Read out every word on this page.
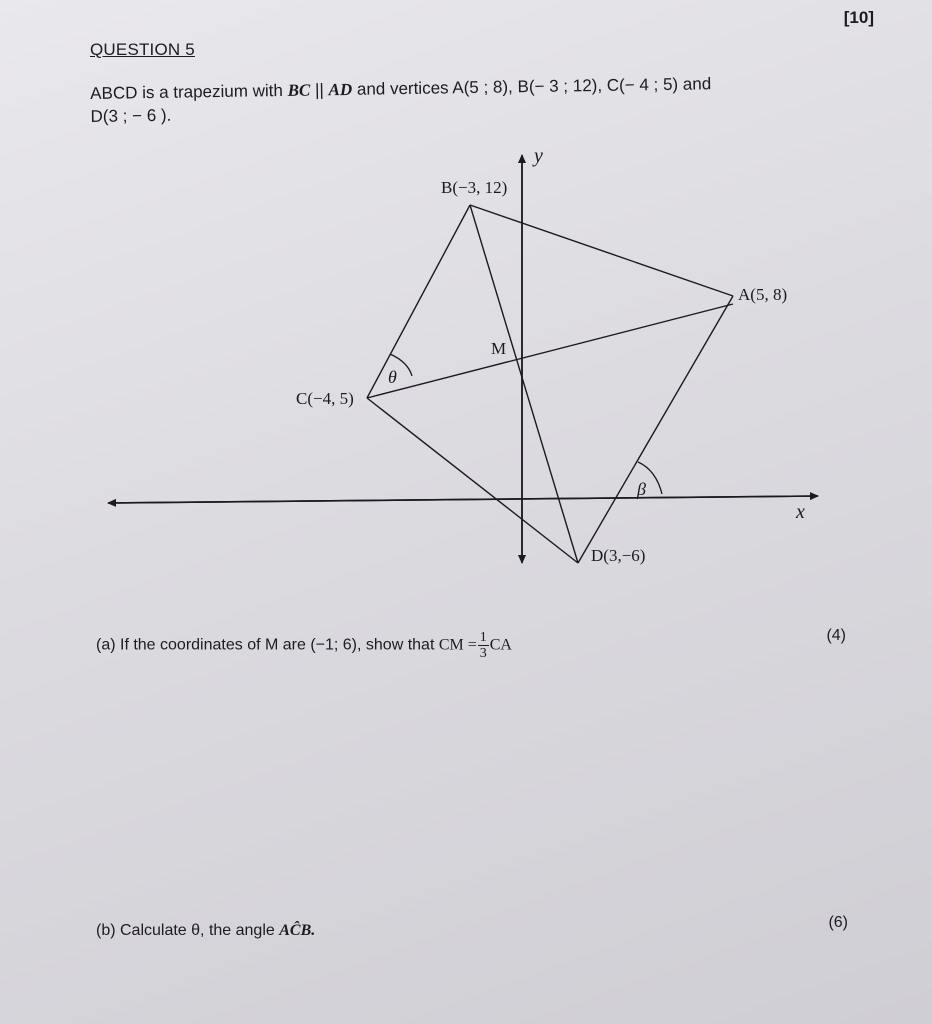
[10]
QUESTION 5
ABCD is a trapezium with BC || AD and vertices A(5 ; 8), B(− 3 ; 12), C(− 4 ; 5) and
D(3 ; − 6 ).
y
x
B(−3, 12)
A(5, 8)
C(−4, 5)
D(3,−6)
M
θ
β
(a) If the coordinates of M are (−1; 6), show that CM = $\frac{1}{3}$ CA
(4)
(b) Calculate θ, the angle AĈB.	(6)
